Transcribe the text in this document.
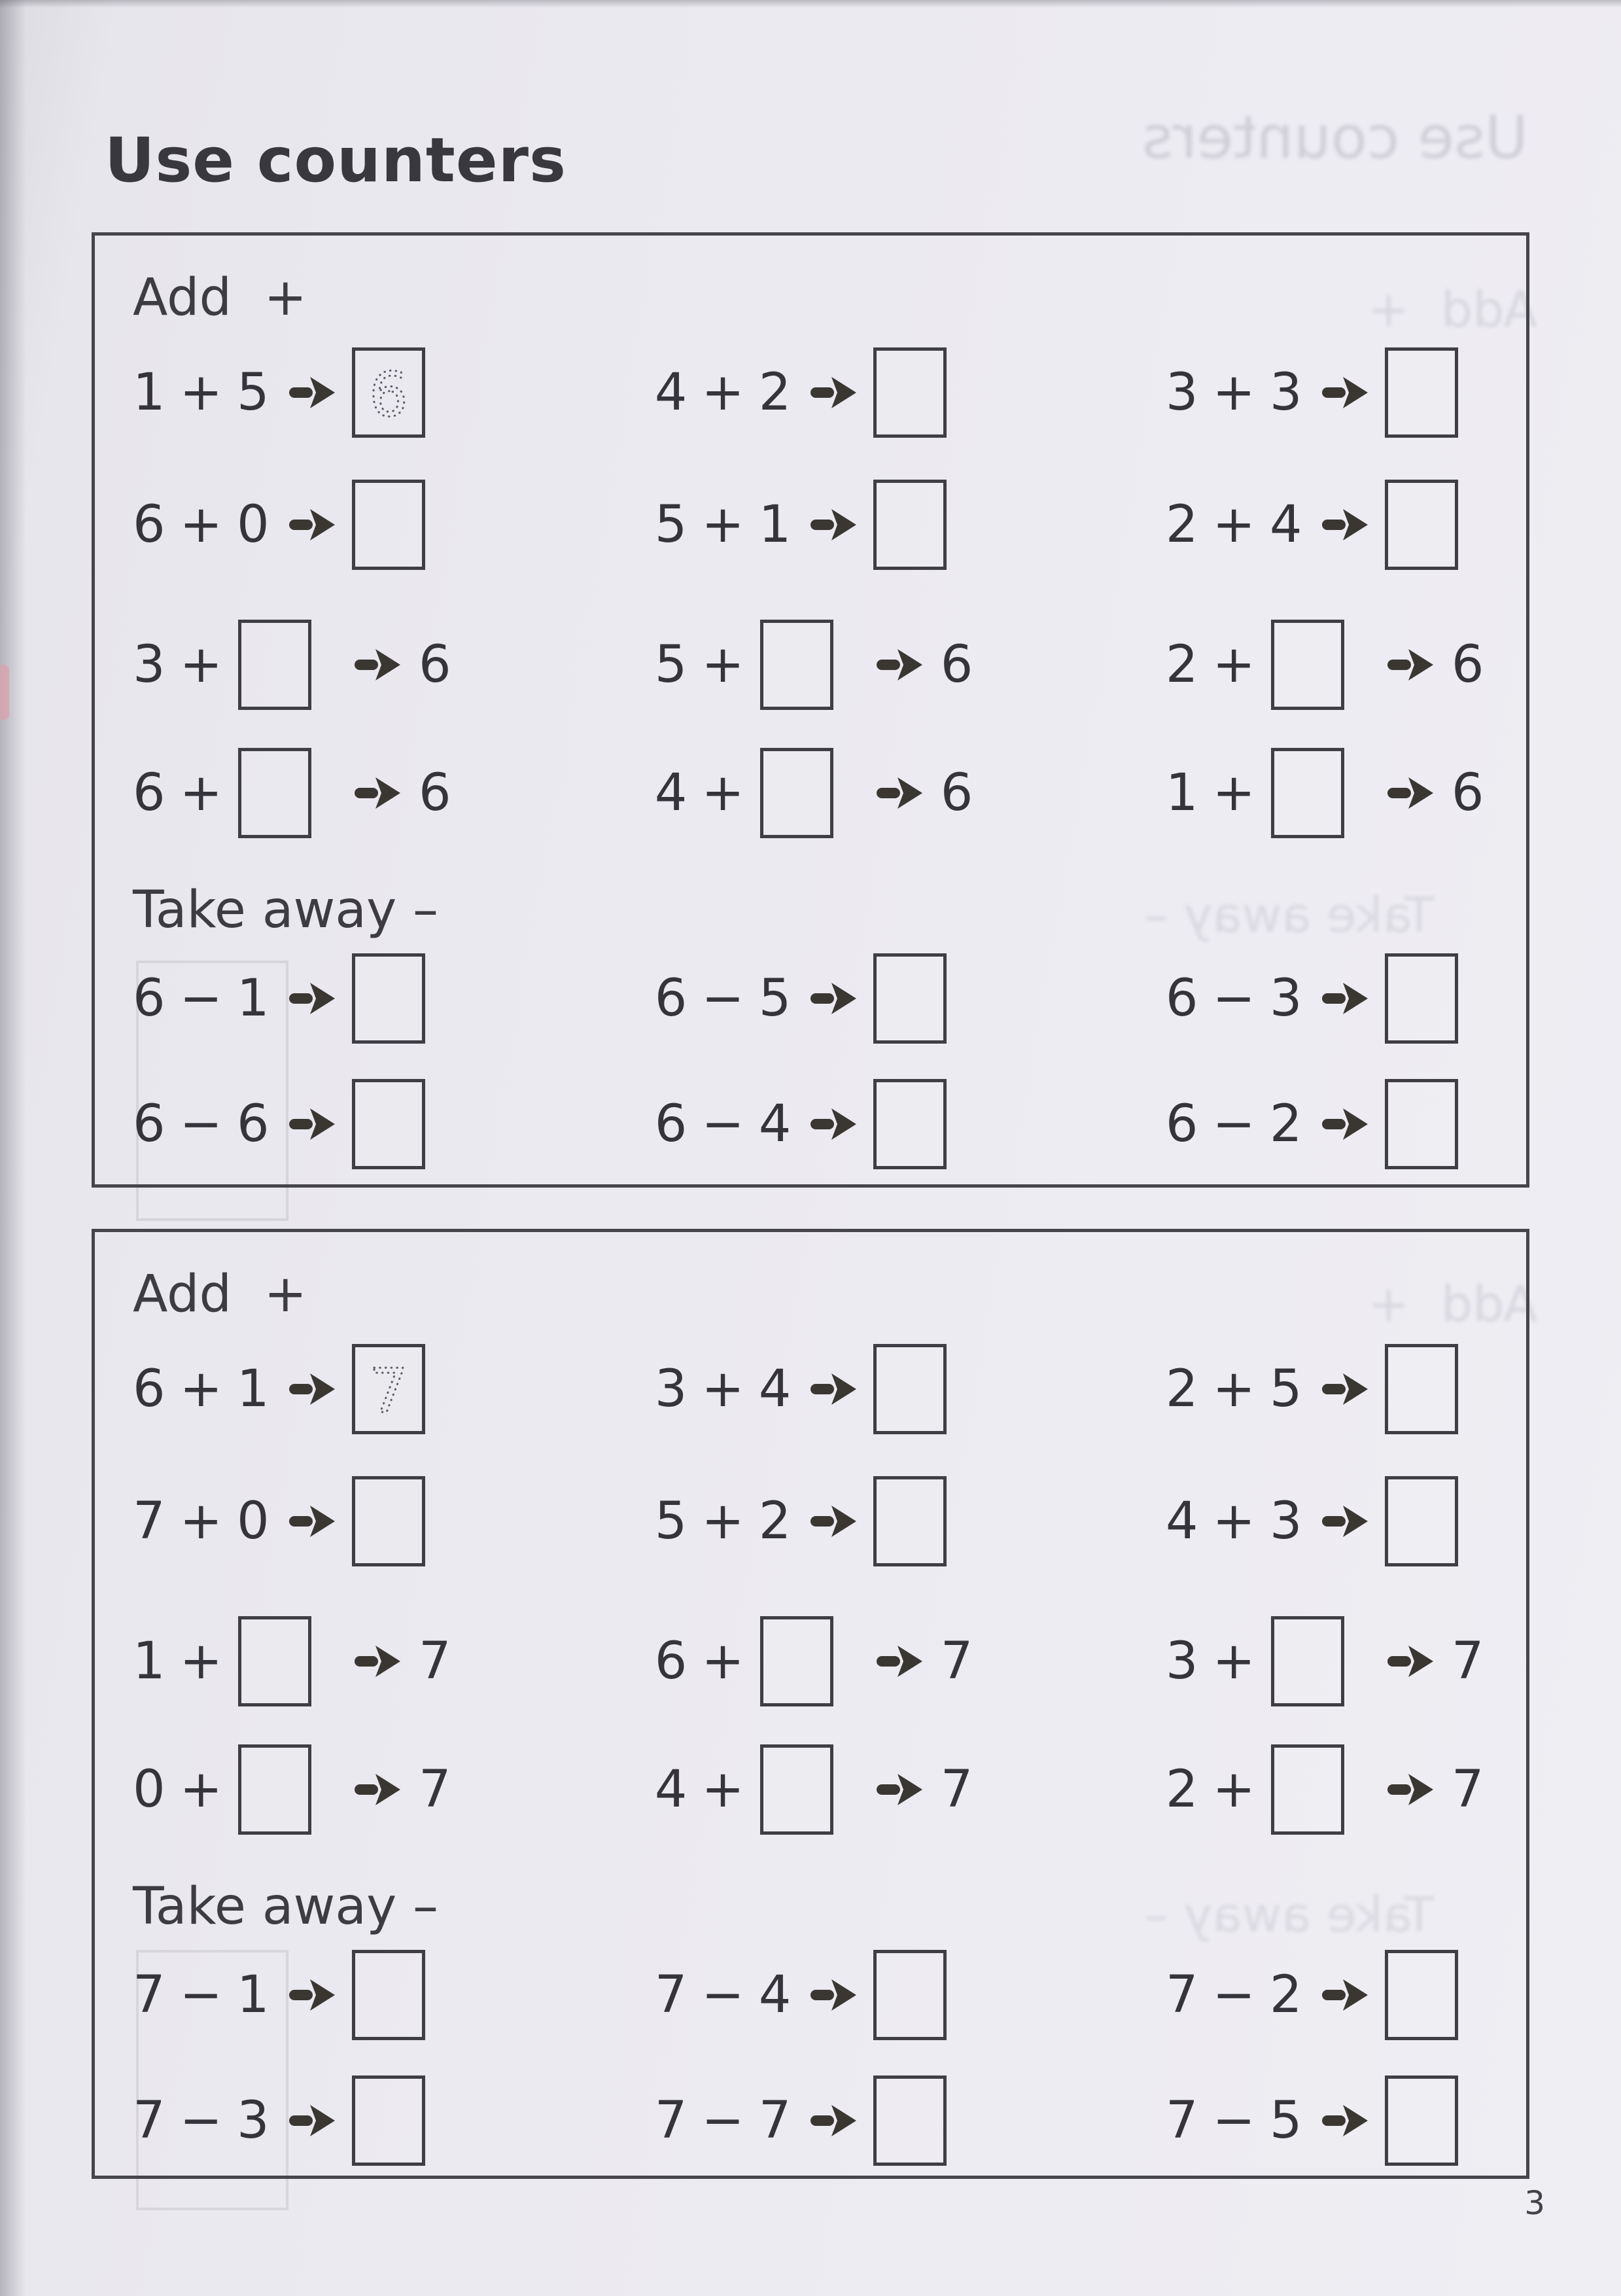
Use counters	Use counters
Add  +
Take away –
Add  +
Take away –
Add  +
1 + 5 6	4 + 2	3 + 3
6 + 0	5 + 1	2 + 4
3 +	6	5 +	6	2 +	6
6 +	6	4 +	6	1 +	6
Take away –
6 − 1	6 − 5	6 − 3
6 − 6	6 − 4	6 − 2
Add  +
6 + 1 7	3 + 4	2 + 5
7 + 0	5 + 2	4 + 3
1 +	7	6 +	7	3 +	7
0 +	7	4 +	7	2 +	7
Take away –
7 − 1	7 − 4	7 − 2
7 − 3	7 − 7	7 − 5
3
